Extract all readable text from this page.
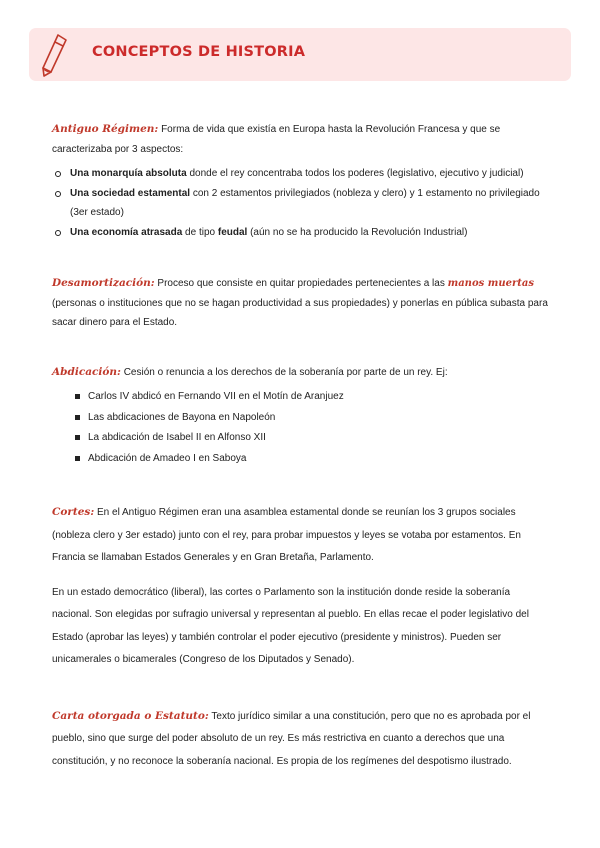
CONCEPTOS DE HISTORIA

Antiguo Régimen: Forma de vida que existía en Europa hasta la Revolución Francesa y que se caracterizaba por 3 aspectos:

Una monarquía absoluta donde el rey concentraba todos los poderes (legislativo, ejecutivo y judicial)
Una sociedad estamental con 2 estamentos privilegiados (nobleza y clero) y 1 estamento no privilegiado (3er estado)
Una economía atrasada de tipo feudal (aún no se ha producido la Revolución Industrial)

Desamortización: Proceso que consiste en quitar propiedades pertenecientes a las manos muertas (personas o instituciones que no se hagan productividad a sus propiedades) y ponerlas en pública subasta para sacar dinero para el Estado.

Abdicación: Cesión o renuncia a los derechos de la soberanía por parte de un rey. Ej:

Carlos IV abdicó en Fernando VII en el Motín de Aranjuez
Las abdicaciones de Bayona en Napoleón
La abdicación de Isabel II en Alfonso XII
Abdicación de Amadeo I en Saboya

Cortes: En el Antiguo Régimen eran una asamblea estamental donde se reunían los 3 grupos sociales (nobleza clero y 3er estado) junto con el rey, para probar impuestos y leyes se votaba por estamentos. En Francia se llamaban Estados Generales y en Gran Bretaña, Parlamento.

En un estado democrático (liberal), las cortes o Parlamento son la institución donde reside la soberanía nacional. Son elegidas por sufragio universal y representan al pueblo. En ellas recae el poder legislativo del Estado (aprobar las leyes) y también controlar el poder ejecutivo (presidente y ministros). Pueden ser unicamerales o bicamerales (Congreso de los Diputados y Senado).

Carta otorgada o Estatuto: Texto jurídico similar a una constitución, pero que no es aprobada por el pueblo, sino que surge del poder absoluto de un rey. Es más restrictiva en cuanto a derechos que una constitución, y no reconoce la soberanía nacional. Es propia de los regímenes del despotismo ilustrado.
